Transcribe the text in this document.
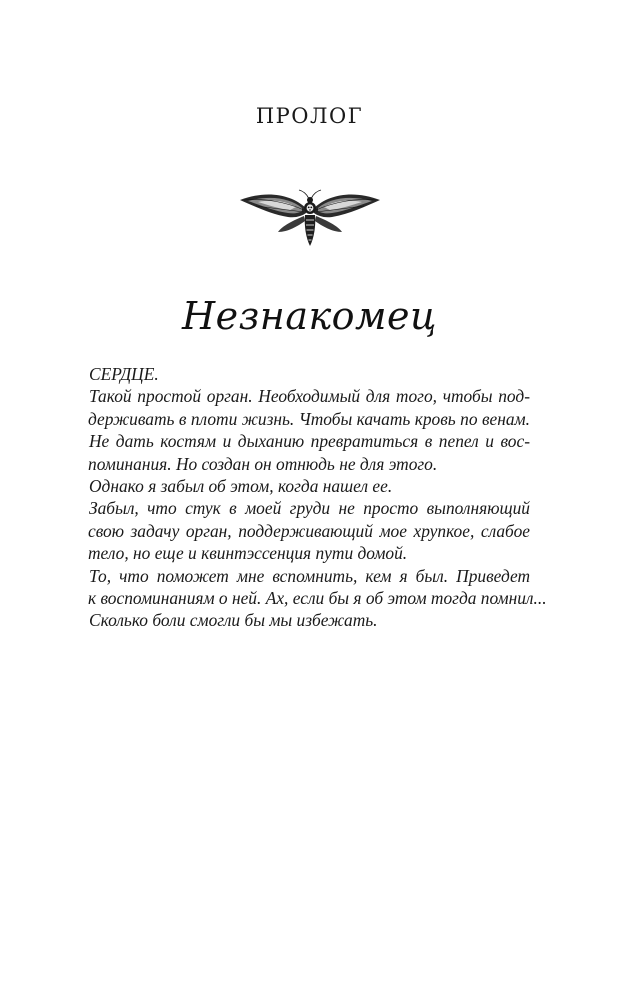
ПРОЛОГ
Незнакомец
СЕРДЦЕ.
Такой простой орган. Необходимый для того, чтобы под-
держивать в плоти жизнь. Чтобы качать кровь по венам.
Не дать костям и дыханию превратиться в пепел и вос-
поминания. Но создан он отнюдь не для этого.
Однако я забыл об этом, когда нашел ее.
Забыл, что стук в моей груди не просто выполняющий
свою задачу орган, поддерживающий мое хрупкое, слабое
тело, но еще и квинтэссенция пути домой.
То, что поможет мне вспомнить, кем я был. Приведет
к воспоминаниям о ней. Ах, если бы я об этом тогда помнил...
Сколько боли смогли бы мы избежать.
